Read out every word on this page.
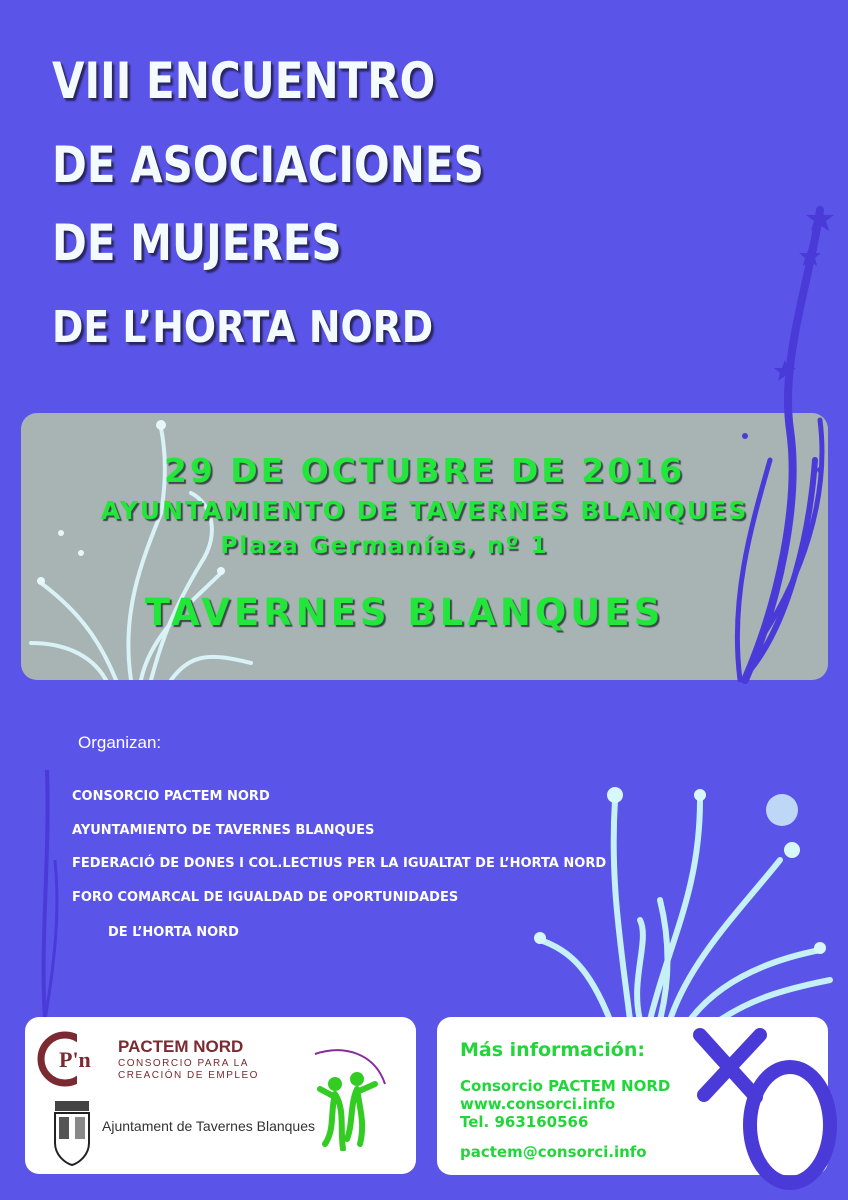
VIII ENCUENTRO
DE ASOCIACIONES
DE MUJERES
DE L’HORTA NORD

29 DE OCTUBRE DE 2016

AYUNTAMIENTO DE TAVERNES BLANQUES

Plaza Germanías, nº 1

TAVERNES BLANQUES

Organizan:

CONSORCIO PACTEM NORD

AYUNTAMIENTO DE TAVERNES BLANQUES

FEDERACIÓ DE DONES I COL.LECTIUS PER LA IGUALTAT DE L’HORTA NORD

FORO COMARCAL DE IGUALDAD DE OPORTUNIDADES

DE L’HORTA NORD

P'n

PACTEM NORD

CONSORCIO PARA LA

CREACIÓN DE EMPLEO

Ajuntament de Tavernes Blanques

Más información:

Consorcio PACTEM NORD

www.consorci.info

Tel. 963160566

pactem@consorci.info
